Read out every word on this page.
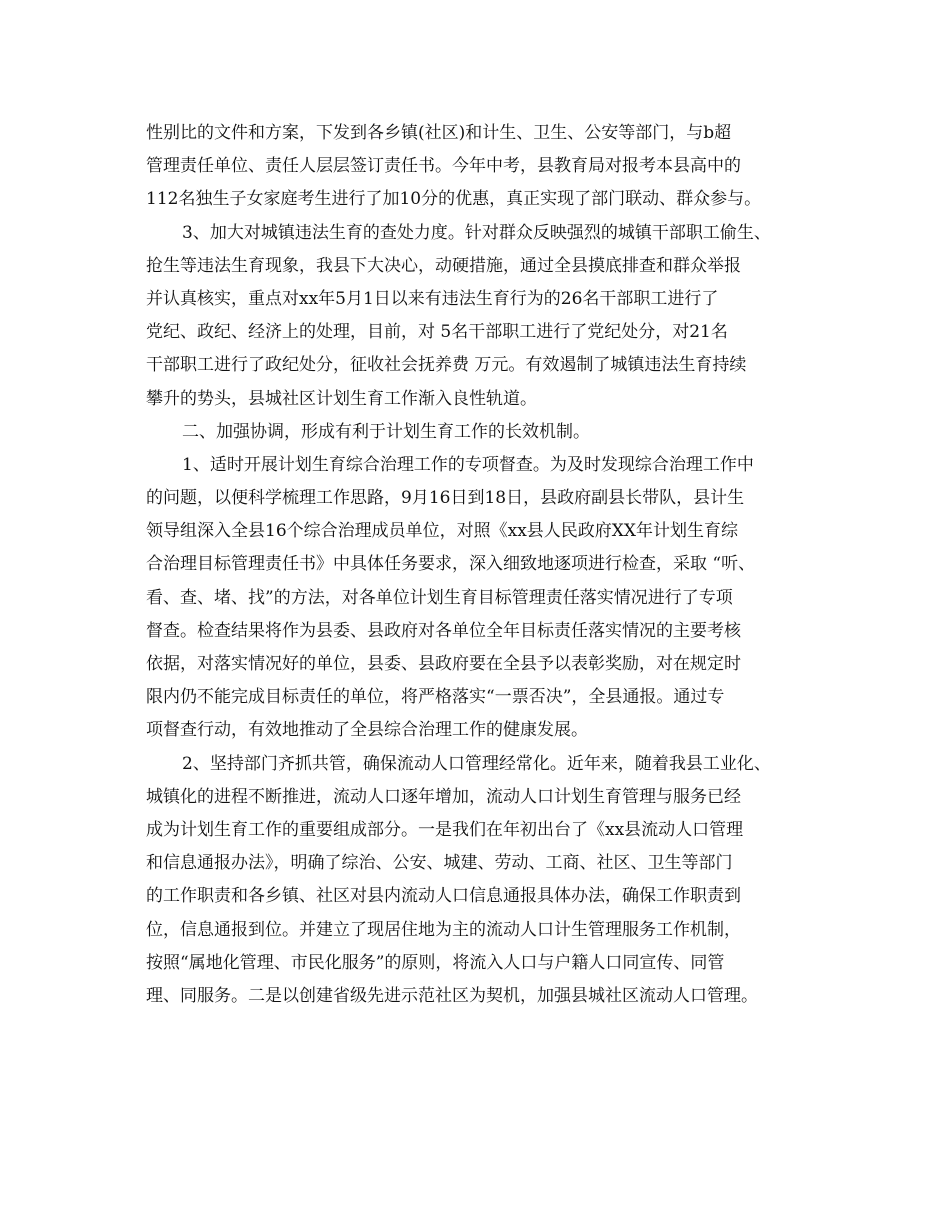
性别比的文件和方案，下发到各乡镇(社区)和计生、卫生、公安等部门，与b超
管理责任单位、责任人层层签订责任书。今年中考，县教育局对报考本县高中的
112名独生子女家庭考生进行了加10分的优惠，真正实现了部门联动、群众参与。
3、加大对城镇违法生育的查处力度。针对群众反映强烈的城镇干部职工偷生、
抢生等违法生育现象，我县下大决心，动硬措施，通过全县摸底排查和群众举报
并认真核实，重点对xx年5月1日以来有违法生育行为的26名干部职工进行了
党纪、政纪、经济上的处理，目前，对 5名干部职工进行了党纪处分，对21名
干部职工进行了政纪处分，征收社会抚养费 万元。有效遏制了城镇违法生育持续
攀升的势头，县城社区计划生育工作渐入良性轨道。
二、加强协调，形成有利于计划生育工作的长效机制。
1、适时开展计划生育综合治理工作的专项督查。为及时发现综合治理工作中
的问题，以便科学梳理工作思路，9月16日到18日，县政府副县长带队，县计生
领导组深入全县16个综合治理成员单位，对照《xx县人民政府XX年计划生育综
合治理目标管理责任书》中具体任务要求，深入细致地逐项进行检查，采取 “听、
看、查、堵、找”的方法，对各单位计划生育目标管理责任落实情况进行了专项
督查。检查结果将作为县委、县政府对各单位全年目标责任落实情况的主要考核
依据，对落实情况好的单位，县委、县政府要在全县予以表彰奖励，对在规定时
限内仍不能完成目标责任的单位，将严格落实“一票否决”，全县通报。通过专
项督查行动，有效地推动了全县综合治理工作的健康发展。
2、坚持部门齐抓共管，确保流动人口管理经常化。近年来，随着我县工业化、
城镇化的进程不断推进，流动人口逐年增加，流动人口计划生育管理与服务已经
成为计划生育工作的重要组成部分。一是我们在年初出台了《xx县流动人口管理
和信息通报办法》，明确了综治、公安、城建、劳动、工商、社区、卫生等部门
的工作职责和各乡镇、社区对县内流动人口信息通报具体办法，确保工作职责到
位，信息通报到位。并建立了现居住地为主的流动人口计生管理服务工作机制，
按照“属地化管理、市民化服务”的原则，将流入人口与户籍人口同宣传、同管
理、同服务。二是以创建省级先进示范社区为契机，加强县城社区流动人口管理。
